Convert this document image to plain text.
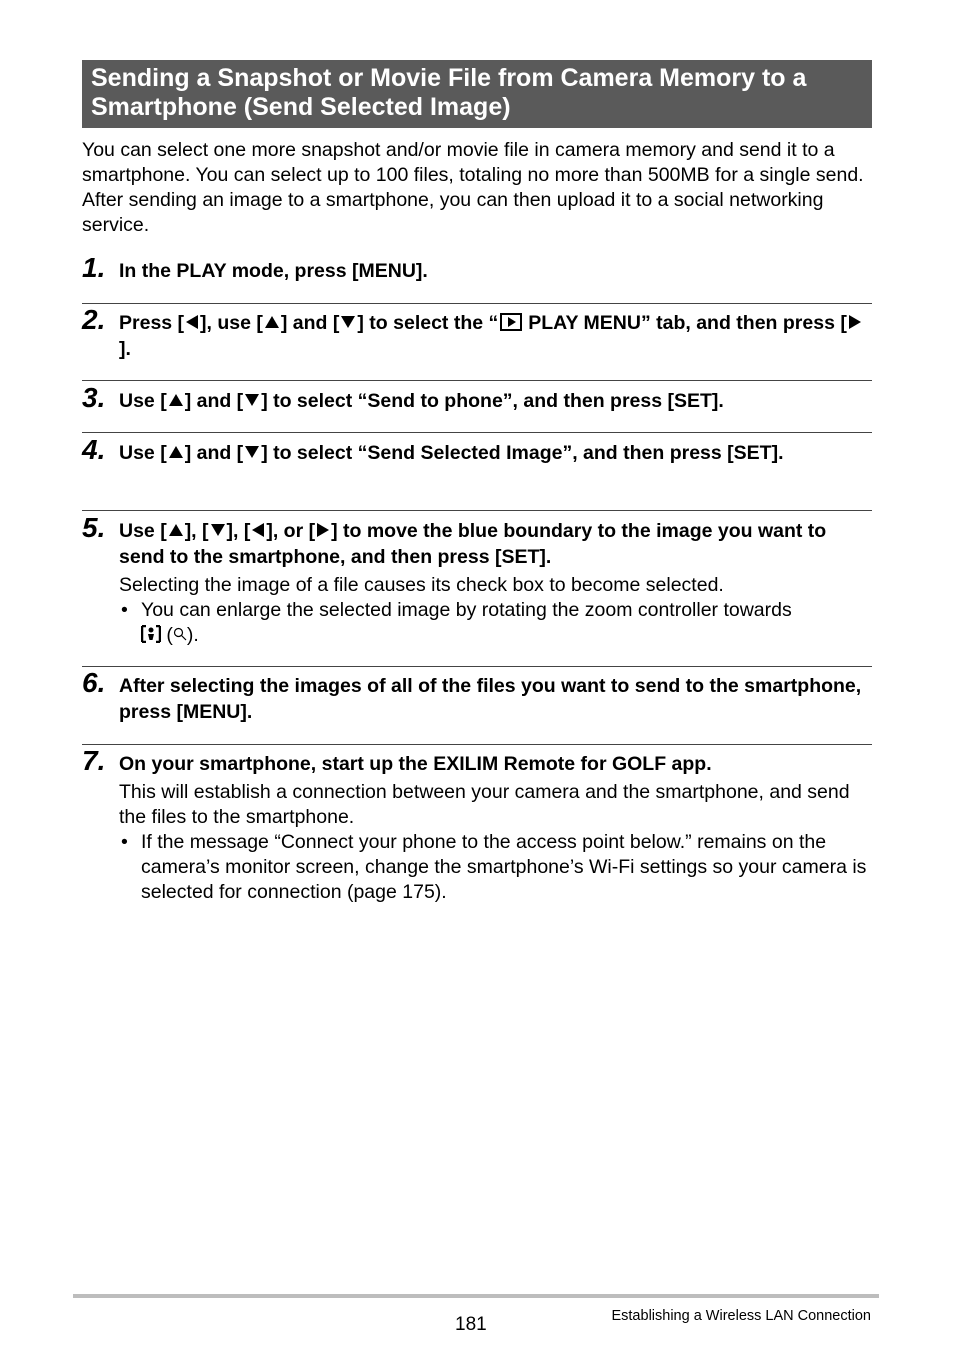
Sending a Snapshot or Movie File from Camera Memory to a
Smartphone (Send Selected Image)

You can select one more snapshot and/or movie file in camera memory and send it to a smartphone. You can select up to 100 files, totaling no more than 500MB for a single send. After sending an image to a smartphone, you can then upload it to a social networking service.

1. In the PLAY mode, press [MENU].
2. Press [ ], use [ ] and [ ] to select the “ PLAY MENU” tab, and then press [].
3. Use [ ] and [ ] to select “Send to phone”, and then press [SET].
4. Use [ ] and [ ] to select “Send Selected Image”, and then press [SET].
5. Use [ ], [ ], [ ], or [ ] to move the blue boundary to the image you want to send to the smartphone, and then press [SET].
Selecting the image of a file causes its check box to become selected.
• You can enlarge the selected image by rotating the zoom controller towards
( ).
6. After selecting the images of all of the files you want to send to the smartphone, press [MENU].
7. On your smartphone, start up the EXILIM Remote for GOLF app.
This will establish a connection between your camera and the smartphone, and send the files to the smartphone.
• If the message “Connect your phone to the access point below.” remains on the camera’s monitor screen, change the smartphone’s Wi-Fi settings so your camera is selected for connection (page 175).
181	Establishing a Wireless LAN Connection
